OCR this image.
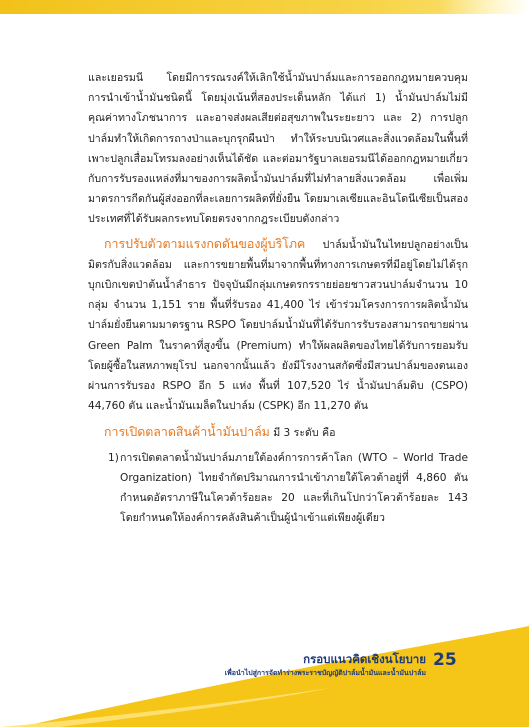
และเยอรมนี โดยมีการรณรงค์ให้เลิกใช้น้ำมันปาล์มและการออกกฎหมายควบคุมการนำเข้าน้ำมันชนิดนี้ โดยมุ่งเน้นที่สองประเด็นหลัก ได้แก่ 1) น้ำมันปาล์มไม่มีคุณค่าทางโภชนาการ และอาจส่งผลเสียต่อสุขภาพในระยะยาว และ 2) การปลูกปาล์มทำให้เกิดการถางป่าและบุกรุกผืนป่า ทำให้ระบบนิเวศและสิ่งแวดล้อมในพื้นที่เพาะปลูกเสื่อมโทรมลงอย่างเห็นได้ชัด และต่อมารัฐบาลเยอรมนีได้ออกกฎหมายเกี่ยวกับการรับรองแหล่งที่มาของการผลิตน้ำมันปาล์มที่ไม่ทำลายสิ่งแวดล้อม เพื่อเพิ่มมาตรการกีดกันผู้ส่งออกที่ละเลยการผลิตที่ยั่งยืน โดยมาเลเซียและอินโดนีเซียเป็นสองประเทศที่ได้รับผลกระทบโดยตรงจากกฎระเบียบดังกล่าว

การปรับตัวตามแรงกดดันของผู้บริโภค ปาล์มน้ำมันในไทยปลูกอย่างเป็นมิตรกับสิ่งแวดล้อม และการขยายพื้นที่มาจากพื้นที่ทางการเกษตรที่มีอยู่โดยไม่ได้รุกบุกเบิกเขตป่าต้นน้ำลำธาร ปัจจุบันมีกลุ่มเกษตรกรรายย่อยชาวสวนปาล์มจำนวน 10 กลุ่ม จำนวน 1,151 ราย พื้นที่รับรอง 41,400 ไร่ เข้าร่วมโครงการการผลิตน้ำมันปาล์มยั่งยืนตามมาตรฐาน RSPO โดยปาล์มน้ำมันที่ได้รับการรับรองสามารถขายผ่าน Green Palm ในราคาที่สูงขึ้น (Premium) ทำให้ผลผลิตของไทยได้รับการยอมรับโดยผู้ซื้อในสหภาพยุโรป นอกจากนั้นแล้ว ยังมีโรงงานสกัดซึ่งมีสวนปาล์มของตนเอง ผ่านการรับรอง RSPO อีก 5 แห่ง พื้นที่ 107,520 ไร่ น้ำมันปาล์มดิบ (CSPO) 44,760 ตัน และน้ำมันเมล็ดในปาล์ม (CSPK) อีก 11,270 ตัน

การเปิดตลาดสินค้าน้ำมันปาล์ม มี 3 ระดับ คือ

1) การเปิดตลาดน้ำมันปาล์มภายใต้องค์การการค้าโลก (WTO – World Trade Organization) ไทยจำกัดปริมาณการนำเข้าภายใต้โควต้าอยู่ที่ 4,860 ตัน กำหนดอัตราภาษีในโควต้าร้อยละ 20 และที่เกินโปกว่าโควต้าร้อยละ 143 โดยกำหนดให้องค์การคลังสินค้าเป็นผู้นำเข้าแต่เพียงผู้เดียว
กรอบแนวคิดเชิงนโยบาย
เพื่อนำไปสู่การจัดทำร่างพระราชบัญญัติปาล์มน้ำมันและน้ำมันปาล์ม
25
